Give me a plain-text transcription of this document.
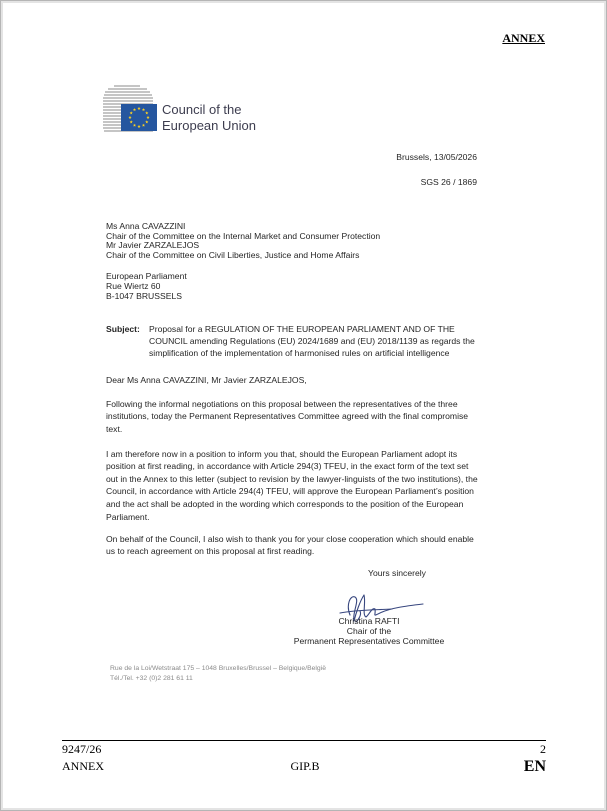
ANNEX
Council of the
European Union
Brussels, 13/05/2026
SGS 26 / 1869
Ms Anna CAVAZZINI
Chair of the Committee on the Internal Market and Consumer Protection
Mr Javier ZARZALEJOS
Chair of the Committee on Civil Liberties, Justice and Home Affairs
European Parliament
Rue Wiertz 60
B-1047 BRUSSELS
Subject: Proposal for a REGULATION OF THE EUROPEAN PARLIAMENT AND OF THE
COUNCIL amending Regulations (EU) 2024/1689 and (EU) 2018/1139 as regards the
simplification of the implementation of harmonised rules on artificial intelligence
Dear Ms Anna CAVAZZINI, Mr Javier ZARZALEJOS,
Following the informal negotiations on this proposal between the representatives of the three
institutions, today the Permanent Representatives Committee agreed with the final compromise
text.
I am therefore now in a position to inform you that, should the European Parliament adopt its
position at first reading, in accordance with Article 294(3) TFEU, in the exact form of the text set
out in the Annex to this letter (subject to revision by the lawyer-linguists of the two institutions), the
Council, in accordance with Article 294(4) TFEU, will approve the European Parliament’s position
and the act shall be adopted in the wording which corresponds to the position of the European
Parliament.
On behalf of the Council, I also wish to thank you for your close cooperation which should enable
us to reach agreement on this proposal at first reading.
Yours sincerely
Christina RAFTI
Chair of the
Permanent Representatives Committee
Rue de la Loi/Wetstraat 175 – 1048 Bruxelles/Brussel – Belgique/België
Tél./Tel. +32 (0)2 281 61 11
9247/26	2
ANNEX	GIP.B	EN
